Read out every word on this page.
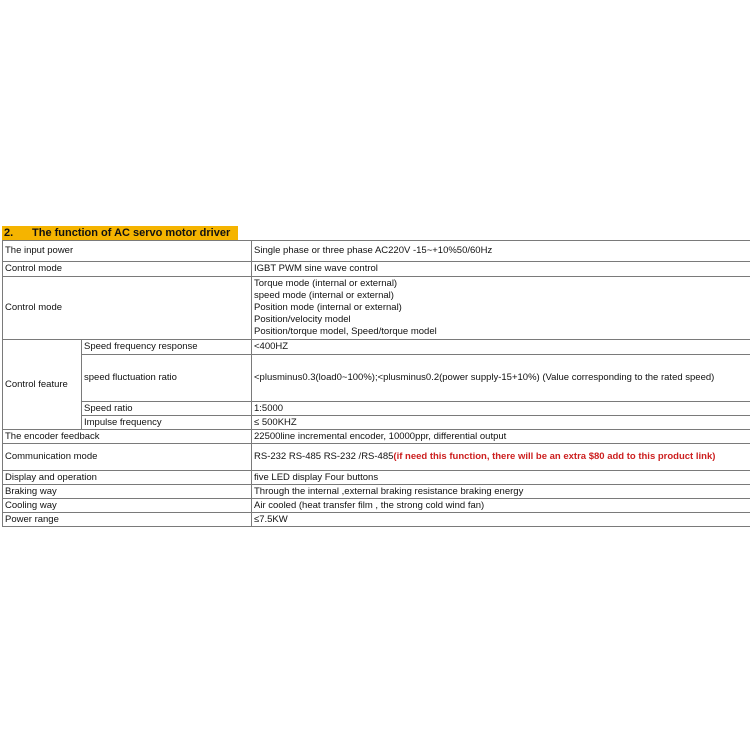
2.	The function of AC servo motor driver
The input power		Single phase or three phase AC220V -15~+10%50/60Hz
Control mode		IGBT PWM sine wave control
Control mode		Torque mode (internal or external)
speed mode (internal or external)
Position mode (internal or external)
Position/velocity model
Position/torque model, Speed/torque model

Control feature	Speed frequency response	<400HZ
	speed fluctuation ratio	<plusminus0.3(load0~100%);<plusminus0.2(power supply-15+10%) (Value corresponding to the rated speed)
	Speed ratio	1:5000
	Impulse frequency	≤ 500KHZ
The encoder feedback		22500line incremental encoder, 10000ppr, differential output
Communication mode		RS-232 RS-485 RS-232 /RS-485(if need this function, there will be an extra $80 add to this product link)
Display and operation		five LED display Four buttons
Braking way		Through the internal ,external braking resistance braking energy
Cooling way		Air cooled (heat transfer film , the strong cold wind fan)
Power range		≤7.5KW
